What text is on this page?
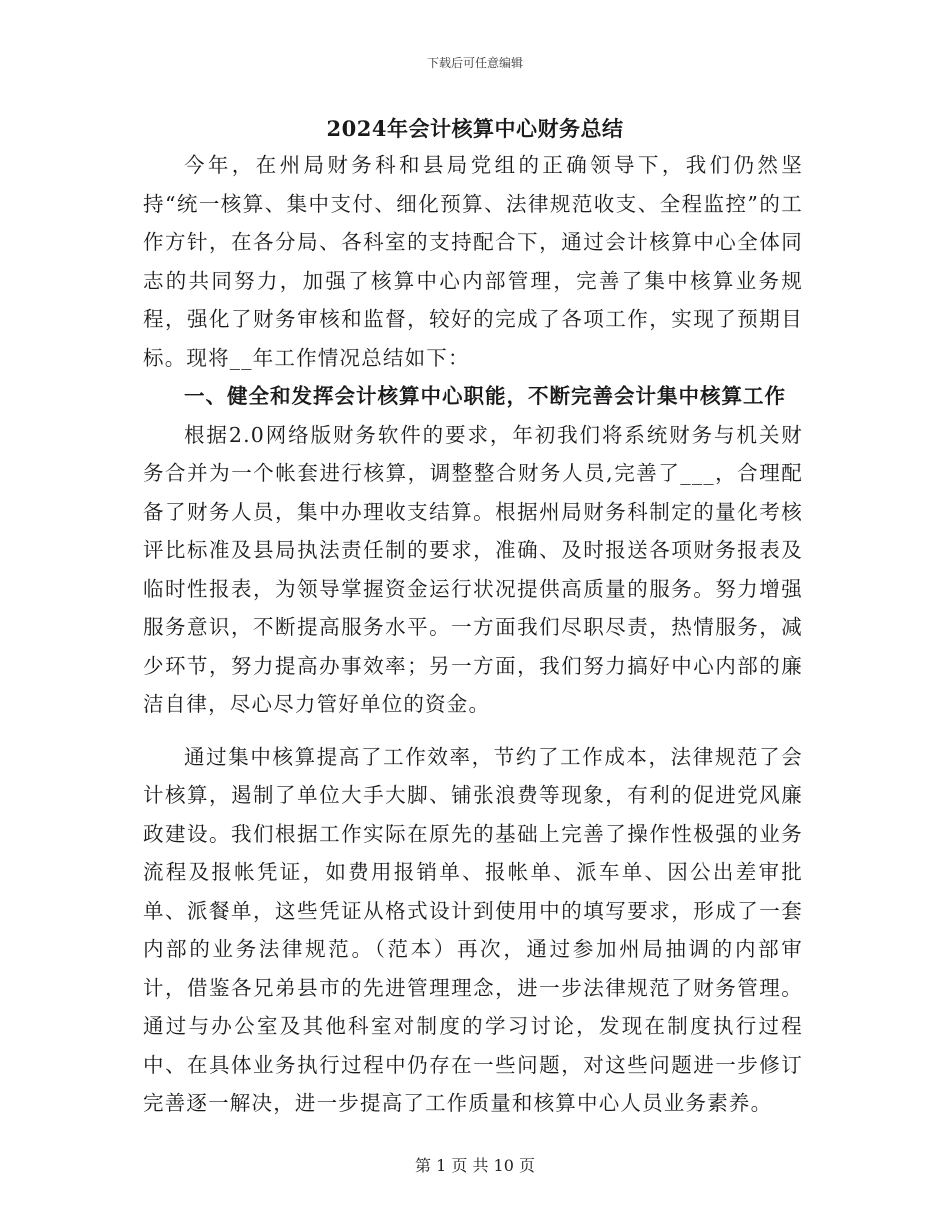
下载后可任意编辑
2024年会计核算中心财务总结

今年，在州局财务科和县局党组的正确领导下，我们仍然坚持“统一核算、集中支付、细化预算、法律规范收支、全程监控”的工作方针，在各分局、各科室的支持配合下，通过会计核算中心全体同志的共同努力，加强了核算中心内部管理，完善了集中核算业务规程，强化了财务审核和监督，较好的完成了各项工作，实现了预期目标。现将__年工作情况总结如下：

一、健全和发挥会计核算中心职能，不断完善会计集中核算工作

根据2.0网络版财务软件的要求，年初我们将系统财务与机关财务合并为一个帐套进行核算，调整整合财务人员,完善了___，合理配备了财务人员，集中办理收支结算。根据州局财务科制定的量化考核评比标准及县局执法责任制的要求，准确、及时报送各项财务报表及临时性报表，为领导掌握资金运行状况提供高质量的服务。努力增强服务意识，不断提高服务水平。一方面我们尽职尽责，热情服务，减少环节，努力提高办事效率；另一方面，我们努力搞好中心内部的廉洁自律，尽心尽力管好单位的资金。

通过集中核算提高了工作效率，节约了工作成本，法律规范了会计核算，遏制了单位大手大脚、铺张浪费等现象，有利的促进党风廉政建设。我们根据工作实际在原先的基础上完善了操作性极强的业务流程及报帐凭证，如费用报销单、报帐单、派车单、因公出差审批单、派餐单，这些凭证从格式设计到使用中的填写要求，形成了一套内部的业务法律规范。（范本）再次，通过参加州局抽调的内部审计，借鉴各兄弟县市的先进管理理念，进一步法律规范了财务管理。通过与办公室及其他科室对制度的学习讨论，发现在制度执行过程中、在具体业务执行过程中仍存在一些问题，对这些问题进一步修订完善逐一解决，进一步提高了工作质量和核算中心人员业务素养。

第 1 页 共 10 页
